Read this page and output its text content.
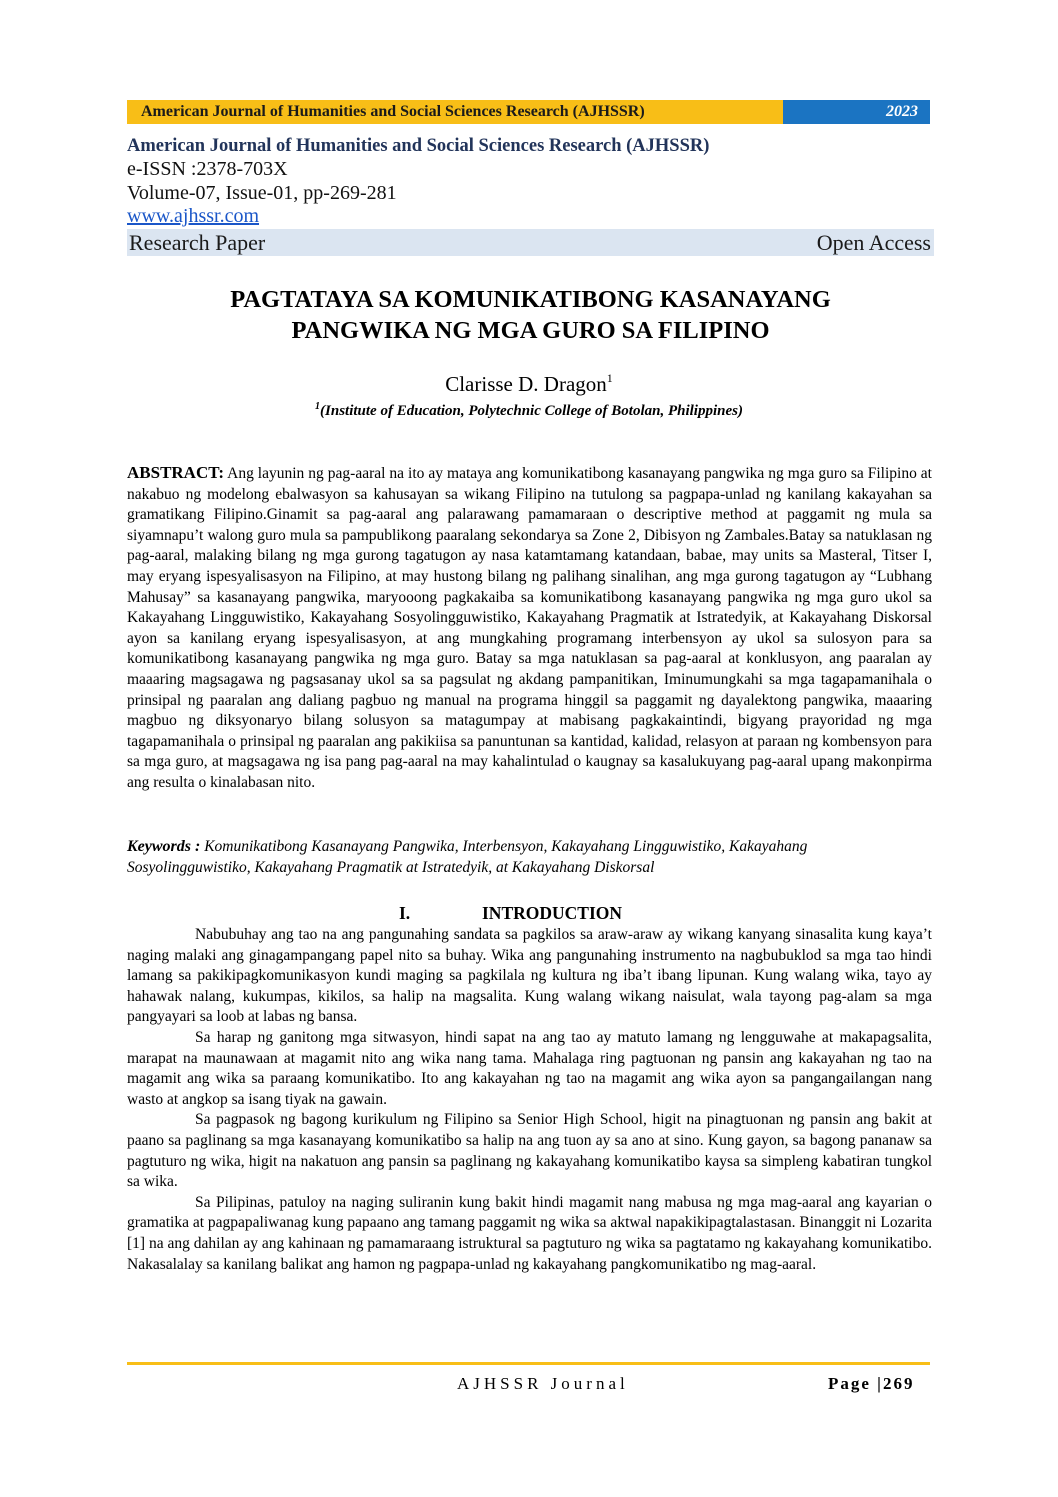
American Journal of Humanities and Social Sciences Research (AJHSSR)	2023
American Journal of Humanities and Social Sciences Research (AJHSSR)
e-ISSN :2378-703X
Volume-07, Issue-01, pp-269-281
www.ajhssr.com
Research Paper	Open Access
PAGTATAYA SA KOMUNIKATIBONG KASANAYANG
PANGWIKA NG MGA GURO SA FILIPINO
Clarisse D. Dragon$^1$
$^1$(Institute of Education, Polytechnic College of Botolan, Philippines)
ABSTRACT: Ang layunin ng pag-aaral na ito ay mataya ang komunikatibong kasanayang pangwika ng mga guro sa Filipino at nakabuo ng modelong ebalwasyon sa kahusayan sa wikang Filipino na tutulong sa pagpapa-unlad ng kanilang kakayahan sa gramatikang Filipino.Ginamit sa pag-aaral ang palarawang pamamaraan o descriptive method at paggamit ng mula sa siyamnapu’t walong guro mula sa pampublikong paaralang sekondarya sa Zone 2, Dibisyon ng Zambales.Batay sa natuklasan ng pag-aaral, malaking bilang ng mga gurong tagatugon ay nasa katamtamang katandaan, babae, may units sa Masteral, Titser I, may eryang ispesyalisasyon na Filipino, at may hustong bilang ng palihang sinalihan, ang mga gurong tagatugon ay “Lubhang Mahusay” sa kasanayang pangwika, maryooong pagkakaiba sa komunikatibong kasanayang pangwika ng mga guro ukol sa Kakayahang Lingguwistiko, Kakayahang Sosyolingguwistiko, Kakayahang Pragmatik at Istratedyik, at Kakayahang Diskorsal ayon sa kanilang eryang ispesyalisasyon, at ang mungkahing programang interbensyon ay ukol sa sulosyon para sa komunikatibong kasanayang pangwika ng mga guro. Batay sa mga natuklasan sa pag-aaral at konklusyon, ang paaralan ay maaaring magsagawa ng pagsasanay ukol sa sa pagsulat ng akdang pampanitikan, Iminumungkahi sa mga tagapamanihala o prinsipal ng paaralan ang daliang pagbuo ng manual na programa hinggil sa paggamit ng dayalektong pangwika, maaaring magbuo ng diksyonaryo bilang solusyon sa matagumpay at mabisang pagkakaintindi, bigyang prayoridad ng mga tagapamanihala o prinsipal ng paaralan ang pakikiisa sa panuntunan sa kantidad, kalidad, relasyon at paraan ng kombensyon para sa mga guro, at magsagawa ng isa pang pag-aaral na may kahalintulad o kaugnay sa kasalukuyang pag-aaral upang makonpirma ang resulta o kinalabasan nito.
Keywords : Komunikatibong Kasanayang Pangwika, Interbensyon, Kakayahang Lingguwistiko, Kakayahang Sosyolingguwistiko, Kakayahang Pragmatik at Istratedyik, at Kakayahang Diskorsal
I.	INTRODUCTION

Nabubuhay ang tao na ang pangunahing sandata sa pagkilos sa araw-araw ay wikang kanyang sinasalita kung kaya’t naging malaki ang ginagampangang papel nito sa buhay. Wika ang pangunahing instrumento na nagbubuklod sa mga tao hindi lamang sa pakikipagkomunikasyon kundi maging sa pagkilala ng kultura ng iba’t ibang lipunan. Kung walang wika, tayo ay hahawak nalang, kukumpas, kikilos, sa halip na magsalita. Kung walang wikang naisulat, wala tayong pag-alam sa mga pangyayari sa loob at labas ng bansa.

Sa harap ng ganitong mga sitwasyon, hindi sapat na ang tao ay matuto lamang ng lengguwahe at makapagsalita, marapat na maunawaan at magamit nito ang wika nang tama. Mahalaga ring pagtuonan ng pansin ang kakayahan ng tao na magamit ang wika sa paraang komunikatibo. Ito ang kakayahan ng tao na magamit ang wika ayon sa pangangailangan nang wasto at angkop sa isang tiyak na gawain.

Sa pagpasok ng bagong kurikulum ng Filipino sa Senior High School, higit na pinagtuonan ng pansin ang bakit at paano sa paglinang sa mga kasanayang komunikatibo sa halip na ang tuon ay sa ano at sino. Kung gayon, sa bagong pananaw sa pagtuturo ng wika, higit na nakatuon ang pansin sa paglinang ng kakayahang komunikatibo kaysa sa simpleng kabatiran tungkol sa wika.

Sa Pilipinas, patuloy na naging suliranin kung bakit hindi magamit nang mabusa ng mga mag-aaral ang kayarian o gramatika at pagpapaliwanag kung papaano ang tamang paggamit ng wika sa aktwal napakikipagtalastasan. Binanggit ni Lozarita [1] na ang dahilan ay ang kahinaan ng pamamaraang istruktural sa pagtuturo ng wika sa pagtatamo ng kakayahang komunikatibo. Nakasalalay sa kanilang balikat ang hamon ng pagpapa-unlad ng kakayahang pangkomunikatibo ng mag-aaral.

AJHSSR Journal	Page |269
